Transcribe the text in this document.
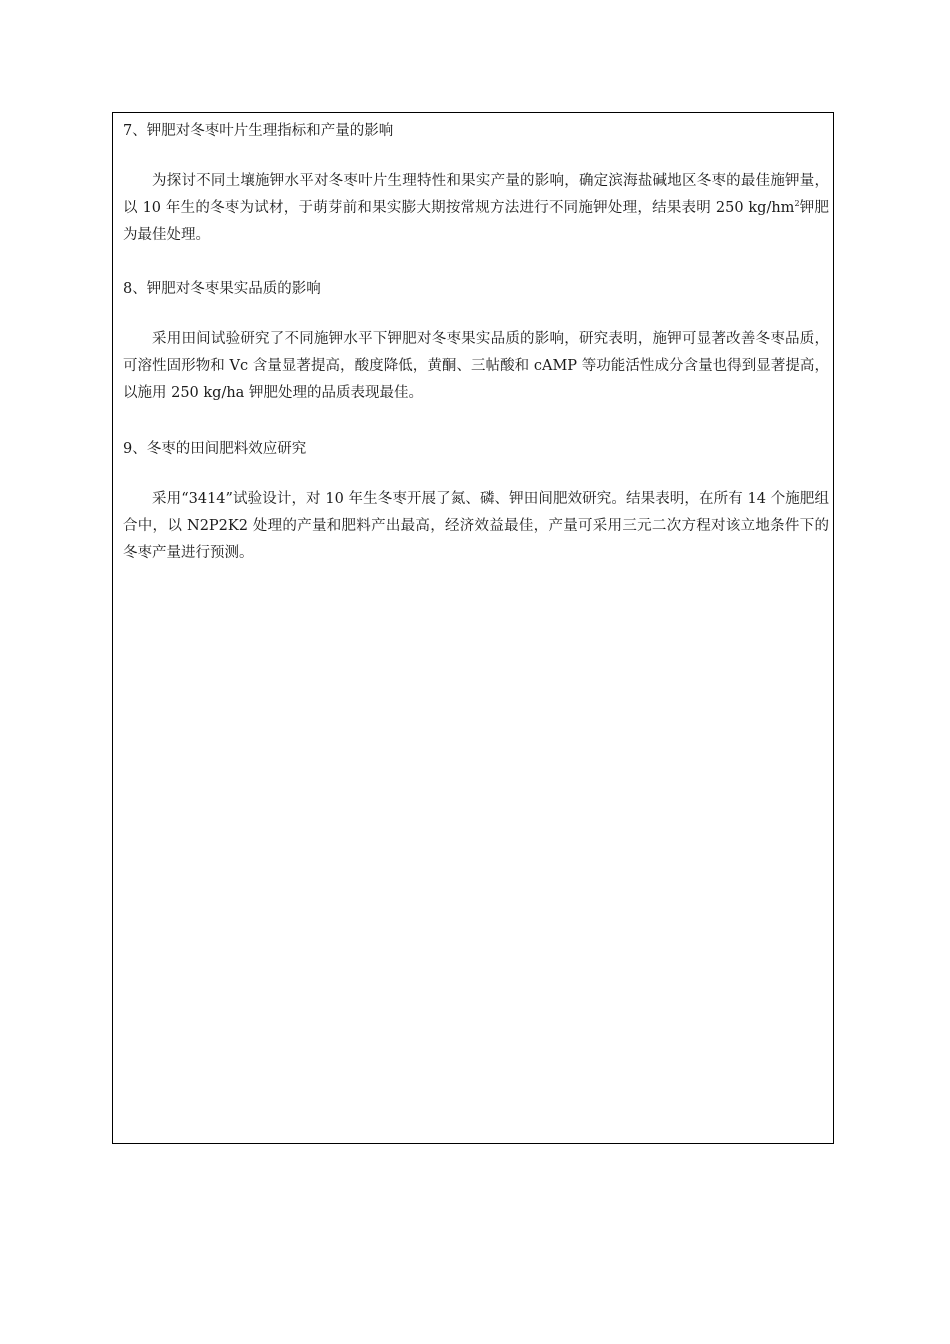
7、钾肥对冬枣叶片生理指标和产量的影响

为探讨不同土壤施钾水平对冬枣叶片生理特性和果实产量的影响，确定滨海盐碱地区冬枣的最佳施钾量，以 10 年生的冬枣为试材，于萌芽前和果实膨大期按常规方法进行不同施钾处理，结果表明 250 $kg/hm^2$钾肥为最佳处理。

8、钾肥对冬枣果实品质的影响

采用田间试验研究了不同施钾水平下钾肥对冬枣果实品质的影响，研究表明，施钾可显著改善冬枣品质，可溶性固形物和 Vc 含量显著提高，酸度降低，黄酮、三帖酸和 cAMP 等功能活性成分含量也得到显著提高，以施用 250 kg/ha 钾肥处理的品质表现最佳。

9、冬枣的田间肥料效应研究

采用“3414”试验设计，对 10 年生冬枣开展了氮、磷、钾田间肥效研究。结果表明，在所有 14 个施肥组合中，以 N2P2K2 处理的产量和肥料产出最高，经济效益最佳，产量可采用三元二次方程对该立地条件下的冬枣产量进行预测。
